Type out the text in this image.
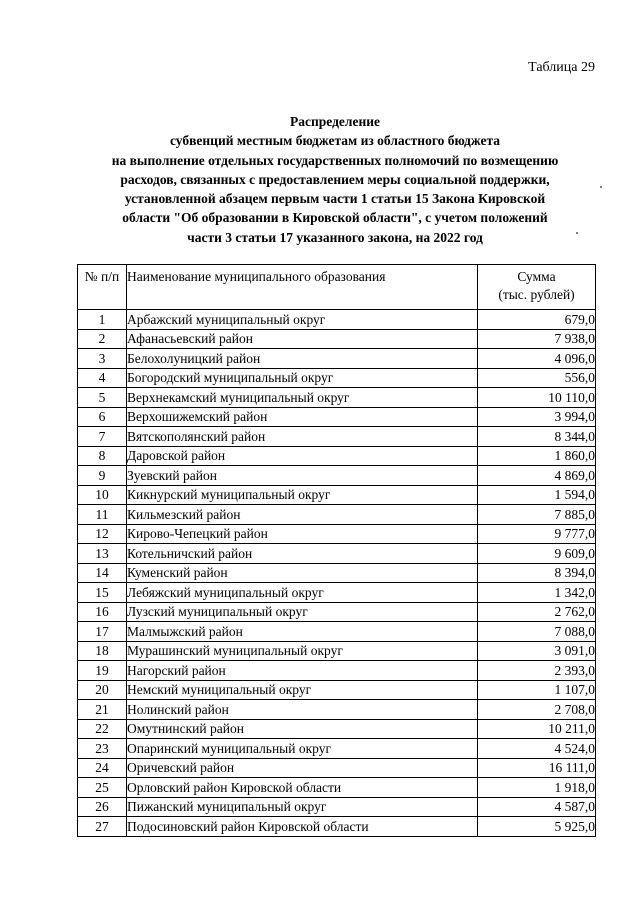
Таблица 29
Распределение
субвенций местным бюджетам из областного бюджета
на выполнение отдельных государственных полномочий по возмещению
расходов, связанных с предоставлением меры социальной поддержки,
установленной абзацем первым части 1 статьи 15 Закона Кировской
области "Об образовании в Кировской области", с учетом положений
части 3 статьи 17 указанного закона, на 2022 год
№ п/п	Наименование муниципального образования	Сумма
(тыс. рублей)

1	Арбажский муниципальный округ	679,0
2	Афанасьевский район	7 938,0
3	Белохолуницкий район	4 096,0
4	Богородский муниципальный округ	556,0
5	Верхнекамский муниципальный округ	10 110,0
6	Верхошижемский район	3 994,0
7	Вятскополянский район	8 344,0
8	Даровской район	1 860,0
9	Зуевский район	4 869,0
10	Кикнурский муниципальный округ	1 594,0
11	Кильмезский район	7 885,0
12	Кирово-Чепецкий район	9 777,0
13	Котельничский район	9 609,0
14	Куменский район	8 394,0
15	Лебяжский муниципальный округ	1 342,0
16	Лузский муниципальный округ	2 762,0
17	Малмыжский район	7 088,0
18	Мурашинский муниципальный округ	3 091,0
19	Нагорский район	2 393,0
20	Немский муниципальный округ	1 107,0
21	Нолинский район	2 708,0
22	Омутнинский район	10 211,0
23	Опаринский муниципальный округ	4 524,0
24	Оричевский район	16 111,0
25	Орловский район Кировской области	1 918,0
26	Пижанский муниципальный округ	4 587,0
27	Подосиновский район Кировской области	5 925,0
